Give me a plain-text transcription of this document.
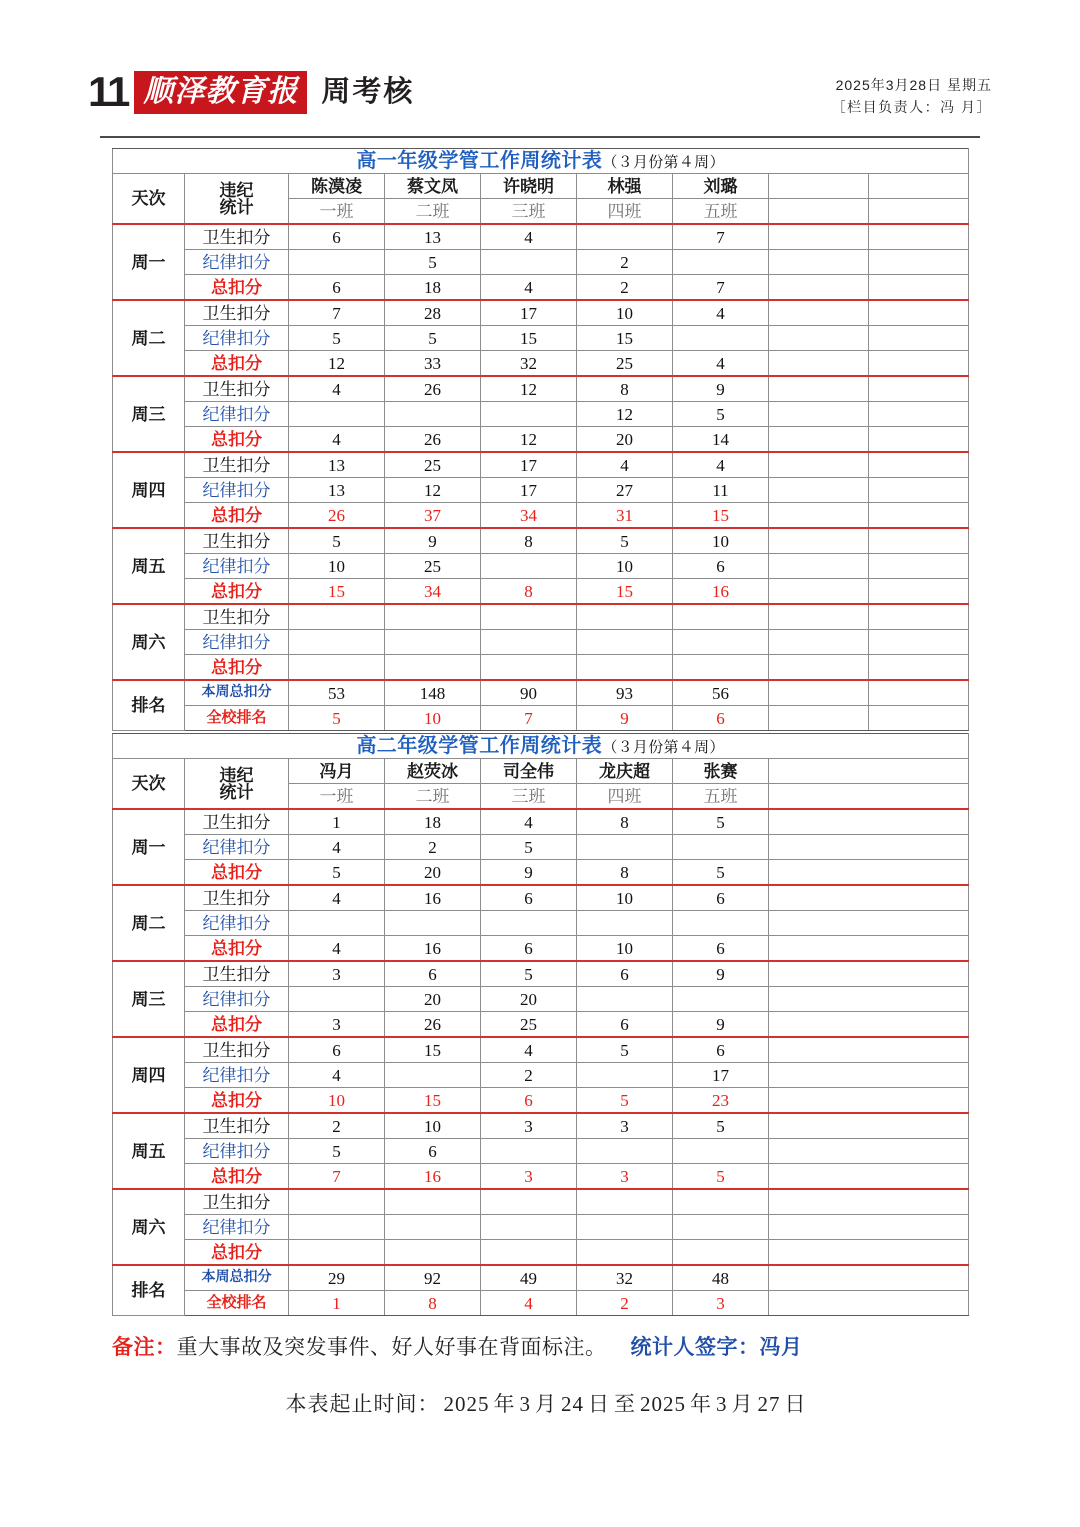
11 顺泽教育报 周考核	2025年3月28日 星期五
［栏目负责人：冯 月］
高一年级学管工作周统计表（３月份第４周）								
天次	违纪
统计	陈漠凌	蔡文凤	许晓明	林强	刘璐		
		一班	二班	三班	四班	五班		
周一	卫生扣分	6	13	4		7		
	纪律扣分		5		2			
	总扣分	6	18	4	2	7		
周二	卫生扣分	7	28	17	10	4		
	纪律扣分	5	5	15	15			
	总扣分	12	33	32	25	4		
周三	卫生扣分	4	26	12	8	9		
	纪律扣分				12	5		
	总扣分	4	26	12	20	14		
周四	卫生扣分	13	25	17	4	4		
	纪律扣分	13	12	17	27	11		
	总扣分	26	37	34	31	15		
周五	卫生扣分	5	9	8	5	10		
	纪律扣分	10	25		10	6		
	总扣分	15	34	8	15	16		
周六	卫生扣分							
	纪律扣分							
	总扣分							
排名	本周总扣分	53	148	90	93	56		
	全校排名	5	10	7	9	6		
高二年级学管工作周统计表（３月份第４周）							
天次	违纪
统计	冯月	赵荧冰	司全伟	龙庆超	张赛	
		一班	二班	三班	四班	五班	
周一	卫生扣分	1	18	4	8	5	
	纪律扣分	4	2	5			
	总扣分	5	20	9	8	5	
周二	卫生扣分	4	16	6	10	6	
	纪律扣分						
	总扣分	4	16	6	10	6	
周三	卫生扣分	3	6	5	6	9	
	纪律扣分		20	20			
	总扣分	3	26	25	6	9	
周四	卫生扣分	6	15	4	5	6	
	纪律扣分	4		2		17	
	总扣分	10	15	6	5	23	
周五	卫生扣分	2	10	3	3	5	
	纪律扣分	5	6				
	总扣分	7	16	3	3	5	
周六	卫生扣分						
	纪律扣分						
	总扣分						
排名	本周总扣分	29	92	49	32	48	
	全校排名	1	8	4	2	3	
备注：重大事故及突发事件、好人好事在背面标注。 统计人签字：冯月
本表起止时间： 2025 年 3 月 24 日 至 2025 年 3 月 27 日
